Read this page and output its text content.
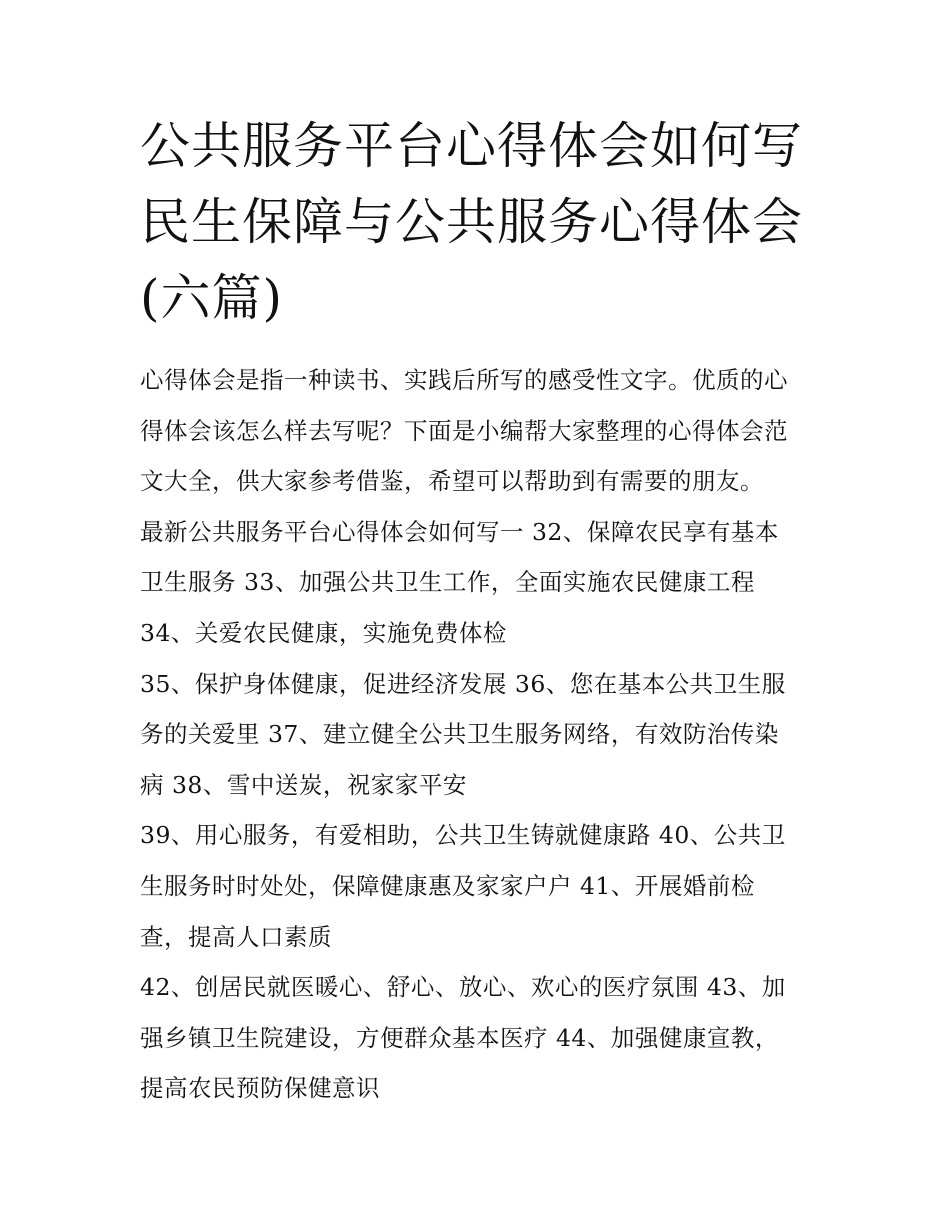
公共服务平台心得体会如何写
民生保障与公共服务心得体会
(六篇)
心得体会是指一种读书、实践后所写的感受性文字。优质的心
得体会该怎么样去写呢？下面是小编帮大家整理的心得体会范
文大全，供大家参考借鉴，希望可以帮助到有需要的朋友。
最新公共服务平台心得体会如何写一 32、保障农民享有基本
卫生服务 33、加强公共卫生工作，全面实施农民健康工程
34、关爱农民健康，实施免费体检
35、保护身体健康，促进经济发展 36、您在基本公共卫生服
务的关爱里 37、建立健全公共卫生服务网络，有效防治传染
病 38、雪中送炭，祝家家平安
39、用心服务，有爱相助，公共卫生铸就健康路 40、公共卫
生服务时时处处，保障健康惠及家家户户 41、开展婚前检
查，提高人口素质
42、创居民就医暖心、舒心、放心、欢心的医疗氛围 43、加
强乡镇卫生院建设，方便群众基本医疗 44、加强健康宣教，
提高农民预防保健意识
